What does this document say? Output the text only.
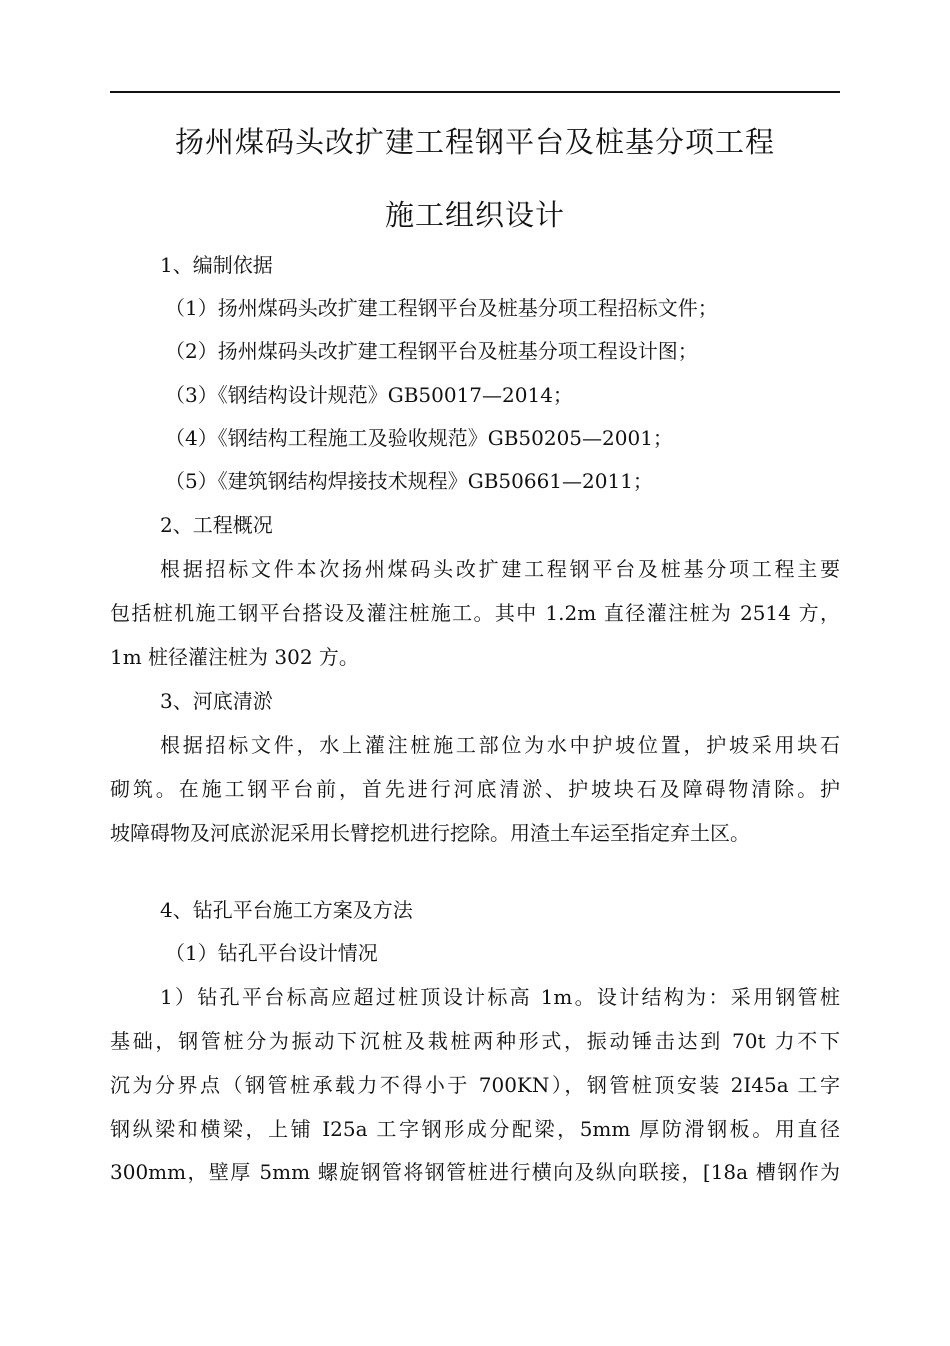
扬州煤码头改扩建工程钢平台及桩基分项工程
施工组织设计
1、编制依据
（1）扬州煤码头改扩建工程钢平台及桩基分项工程招标文件；
（2）扬州煤码头改扩建工程钢平台及桩基分项工程设计图；
（3）《钢结构设计规范》GB50017—2014；
（4）《钢结构工程施工及验收规范》GB50205—2001；
（5）《建筑钢结构焊接技术规程》GB50661—2011；
2、工程概况
根据招标文件本次扬州煤码头改扩建工程钢平台及桩基分项工程主要
包括桩机施工钢平台搭设及灌注桩施工。其中 1.2m 直径灌注桩为 2514 方，
1m 桩径灌注桩为 302 方。
3、河底清淤
根据招标文件，水上灌注桩施工部位为水中护坡位置，护坡采用块石
砌筑。在施工钢平台前，首先进行河底清淤、护坡块石及障碍物清除。护
坡障碍物及河底淤泥采用长臂挖机进行挖除。用渣土车运至指定弃土区。
4、钻孔平台施工方案及方法
（1）钻孔平台设计情况
1）钻孔平台标高应超过桩顶设计标高 1m。设计结构为：采用钢管桩
基础，钢管桩分为振动下沉桩及栽桩两种形式，振动锤击达到 70t 力不下
沉为分界点（钢管桩承载力不得小于 700KN），钢管桩顶安装 2I45a 工字
钢纵梁和横梁，上铺 I25a 工字钢形成分配梁，5mm 厚防滑钢板。用直径
300mm，壁厚 5mm 螺旋钢管将钢管桩进行横向及纵向联接，[18a 槽钢作为
